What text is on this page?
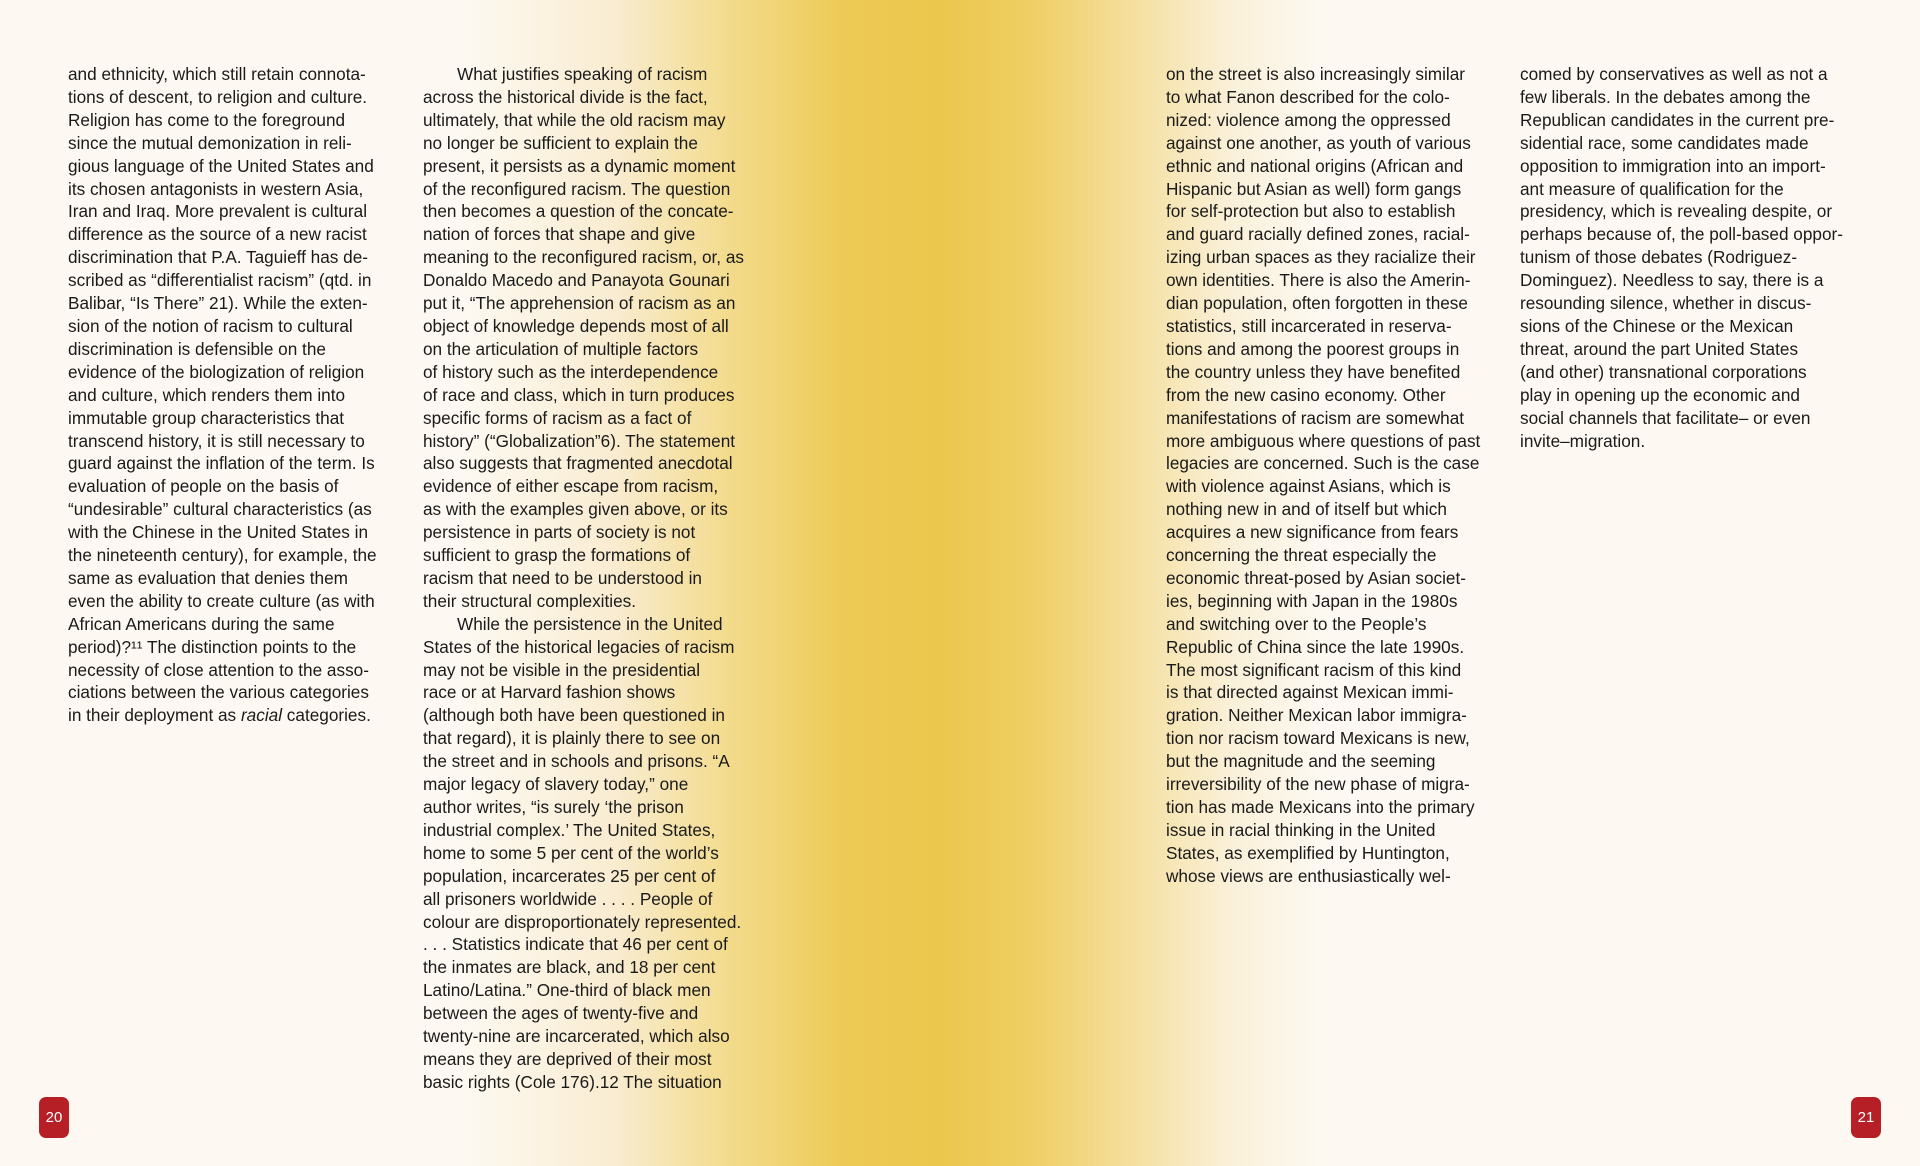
and ethnicity, which still retain connota-
tions of descent, to religion and culture.
Religion has come to the foreground
since the mutual demonization in reli-
gious language of the United States and
its chosen antagonists in western Asia,
Iran and Iraq. More prevalent is cultural
difference as the source of a new racist
discrimination that P.A. Taguieff has de-
scribed as “differentialist racism” (qtd. in
Balibar, “Is There” 21). While the exten-
sion of the notion of racism to cultural
discrimination is defensible on the
evidence of the biologization of religion
and culture, which renders them into
immutable group characteristics that
transcend history, it is still necessary to
guard against the inflation of the term. Is
evaluation of people on the basis of
“undesirable” cultural characteristics (as
with the Chinese in the United States in
the nineteenth century), for example, the
same as evaluation that denies them
even the ability to create culture (as with
African Americans during the same
period)?¹¹ The distinction points to the
necessity of close attention to the asso-
ciations between the various categories
in their deployment as racial categories.

What justifies speaking of racism
across the historical divide is the fact,
ultimately, that while the old racism may
no longer be sufficient to explain the
present, it persists as a dynamic moment
of the reconfigured racism. The question
then becomes a question of the concate-
nation of forces that shape and give
meaning to the reconfigured racism, or, as
Donaldo Macedo and Panayota Gounari
put it, “The apprehension of racism as an
object of knowledge depends most of all
on the articulation of multiple factors
of history such as the interdependence
of race and class, which in turn produces
specific forms of racism as a fact of
history” (“Globalization”6). The statement
also suggests that fragmented anecdotal
evidence of either escape from racism,
as with the examples given above, or its
persistence in parts of society is not
sufficient to grasp the formations of
racism that need to be understood in
their structural complexities.

While the persistence in the United
States of the historical legacies of racism
may not be visible in the presidential
race or at Harvard fashion shows
(although both have been questioned in
that regard), it is plainly there to see on
the street and in schools and prisons. “A
major legacy of slavery today,” one
author writes, “is surely ‘the prison
industrial complex.’ The United States,
home to some 5 per cent of the world’s
population, incarcerates 25 per cent of
all prisoners worldwide . . . . People of
colour are disproportionately represented.
. . . Statistics indicate that 46 per cent of
the inmates are black, and 18 per cent
Latino/Latina.” One-third of black men
between the ages of twenty-five and
twenty-nine are incarcerated, which also
means they are deprived of their most
basic rights (Cole 176).12 The situation

on the street is also increasingly similar
to what Fanon described for the colo-
nized: violence among the oppressed
against one another, as youth of various
ethnic and national origins (African and
Hispanic but Asian as well) form gangs
for self-protection but also to establish
and guard racially defined zones, racial-
izing urban spaces as they racialize their
own identities. There is also the Amerin-
dian population, often forgotten in these
statistics, still incarcerated in reserva-
tions and among the poorest groups in
the country unless they have benefited
from the new casino economy. Other
manifestations of racism are somewhat
more ambiguous where questions of past
legacies are concerned. Such is the case
with violence against Asians, which is
nothing new in and of itself but which
acquires a new significance from fears
concerning the threat especially the
economic threat-posed by Asian societ-
ies, beginning with Japan in the 1980s
and switching over to the People’s
Republic of China since the late 1990s.
The most significant racism of this kind
is that directed against Mexican immi-
gration. Neither Mexican labor immigra-
tion nor racism toward Mexicans is new,
but the magnitude and the seeming
irreversibility of the new phase of migra-
tion has made Mexicans into the primary
issue in racial thinking in the United
States, as exemplified by Huntington,
whose views are enthusiastically wel-

comed by conservatives as well as not a
few liberals. In the debates among the
Republican candidates in the current pre-
sidential race, some candidates made
opposition to immigration into an import-
ant measure of qualification for the
presidency, which is revealing despite, or
perhaps because of, the poll-based oppor-
tunism of those debates (Rodriguez-
Dominguez). Needless to say, there is a
resounding silence, whether in discus-
sions of the Chinese or the Mexican
threat, around the part United States
(and other) transnational corporations
play in opening up the economic and
social channels that facilitate– or even
invite–migration.

20	21
